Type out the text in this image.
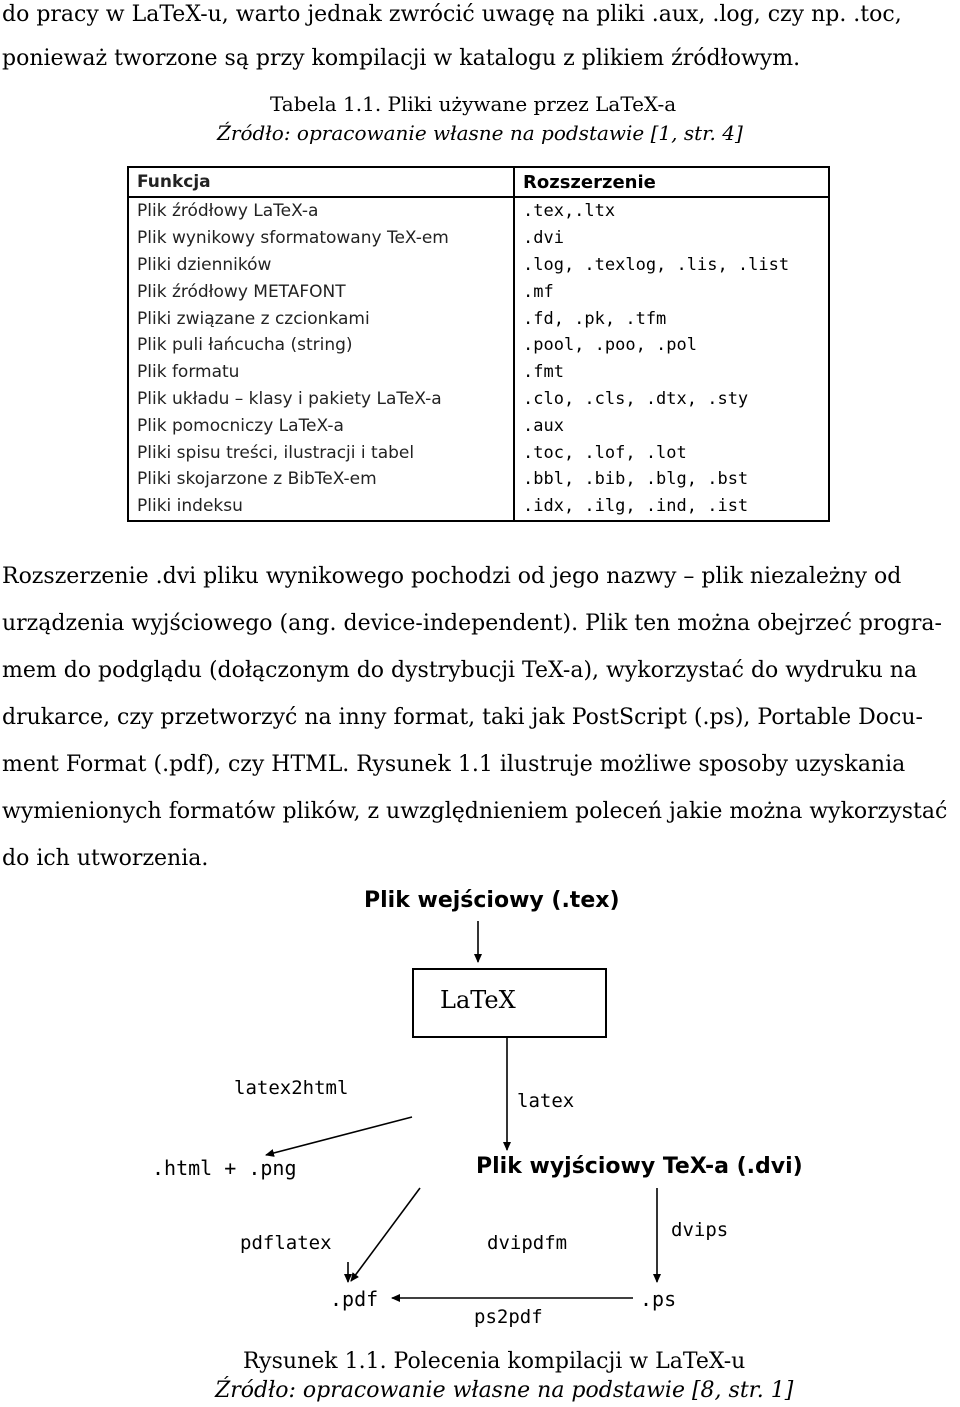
do pracy w LaTeX-u, warto jednak zwrócić uwagę na pliki .aux, .log, czy np. .toc,
ponieważ tworzone są przy kompilacji w katalogu z plikiem źródłowym.
Tabela 1.1. Pliki używane przez LaTeX-a
Źródło: opracowanie własne na podstawie [1, str. 4]
Funkcja	Rozszerzenie
Plik źródłowy LaTeX-a	.tex,.ltx
Plik wynikowy sformatowany TeX-em	.dvi
Pliki dzienników	.log, .texlog, .lis, .list
Plik źródłowy METAFONT	.mf
Pliki związane z czcionkami	.fd, .pk, .tfm
Plik puli łańcucha (string)	.pool, .poo, .pol
Plik formatu	.fmt
Plik układu – klasy i pakiety LaTeX-a	.clo, .cls, .dtx, .sty
Plik pomocniczy LaTeX-a	.aux
Pliki spisu treści, ilustracji i tabel	.toc, .lof, .lot
Pliki skojarzone z BibTeX-em	.bbl, .bib, .blg, .bst
Pliki indeksu	.idx, .ilg, .ind, .ist
Rozszerzenie .dvi pliku wynikowego pochodzi od jego nazwy – plik niezależny od
urządzenia wyjściowego (ang. device-independent). Plik ten można obejrzeć progra-
mem do podglądu (dołączonym do dystrybucji TeX-a), wykorzystać do wydruku na
drukarce, czy przetworzyć na inny format, taki jak PostScript (.ps), Portable Docu-
ment Format (.pdf), czy HTML. Rysunek 1.1 ilustruje możliwe sposoby uzyskania
wymienionych formatów plików, z uwzględnieniem poleceń jakie można wykorzystać
do ich utworzenia.
Plik wejściowy (.tex)
LaTeX
latex2html
latex
.html + .png	Plik wyjściowy TeX-a (.dvi)
pdflatex	dvipdfm
dvips
.pdf	.ps
ps2pdf
Rysunek 1.1. Polecenia kompilacji w LaTeX-u
Źródło: opracowanie własne na podstawie [8, str. 1]
